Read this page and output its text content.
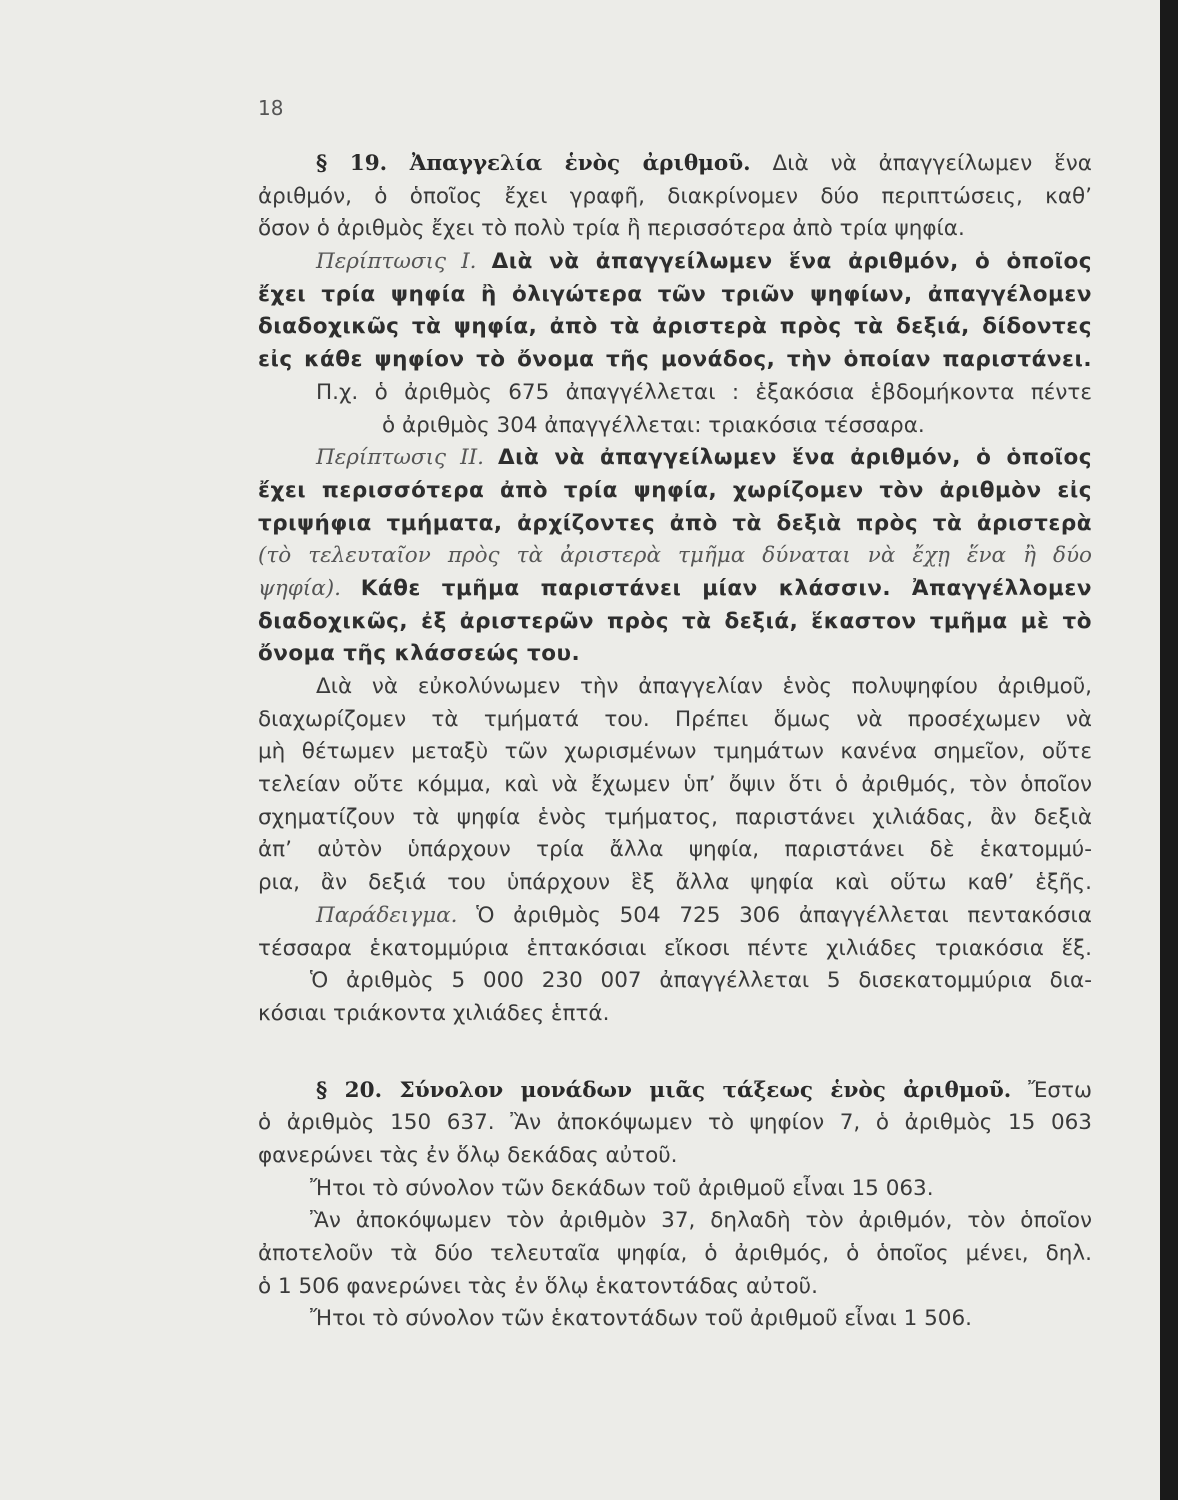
18
§ 19. Ἀπαγγελία ἑνὸς ἀριθμοῦ. Διὰ νὰ ἀπαγγείλωμεν ἕνα
ἀριθμόν, ὁ ὁποῖος ἔχει γραφῆ, διακρίνομεν δύο περιπτώσεις, καθ’
ὅσον ὁ ἀριθμὸς ἔχει τὸ πολὺ τρία ἢ περισσότερα ἀπὸ τρία ψηφία.
Περίπτωσις I. Διὰ νὰ ἀπαγγείλωμεν ἕνα ἀριθμόν, ὁ ὁποῖος
ἔχει τρία ψηφία ἢ ὀλιγώτερα τῶν τριῶν ψηφίων, ἀπαγγέλομεν
διαδοχικῶς τὰ ψηφία, ἀπὸ τὰ ἀριστερὰ πρὸς τὰ δεξιά, δίδοντες
εἰς κάθε ψηφίον τὸ ὄνομα τῆς μονάδος, τὴν ὁποίαν παριστάνει.
Π.χ. ὁ ἀριθμὸς 675 ἀπαγγέλλεται : ἑξακόσια ἑβδομήκοντα πέντε
ὁ ἀριθμὸς 304 ἀπαγγέλλεται: τριακόσια τέσσαρα.
Περίπτωσις II. Διὰ νὰ ἀπαγγείλωμεν ἕνα ἀριθμόν, ὁ ὁποῖος
ἔχει περισσότερα ἀπὸ τρία ψηφία, χωρίζομεν τὸν ἀριθμὸν εἰς
τριψήφια τμήματα, ἀρχίζοντες ἀπὸ τὰ δεξιὰ πρὸς τὰ ἀριστερὰ
(τὸ τελευταῖον πρὸς τὰ ἀριστερὰ τμῆμα δύναται νὰ ἔχῃ ἕνα ἢ δύο
ψηφία). Κάθε τμῆμα παριστάνει μίαν κλάσσιν. Ἀπαγγέλλομεν
διαδοχικῶς, ἐξ ἀριστερῶν πρὸς τὰ δεξιά, ἕκαστον τμῆμα μὲ τὸ
ὄνομα τῆς κλάσσεώς του.
Διὰ νὰ εὐκολύνωμεν τὴν ἀπαγγελίαν ἑνὸς πολυψηφίου ἀριθμοῦ,
διαχωρίζομεν τὰ τμήματά του. Πρέπει ὅμως νὰ προσέχωμεν νὰ
μὴ θέτωμεν μεταξὺ τῶν χωρισμένων τμημάτων κανένα σημεῖον, οὔτε
τελείαν οὔτε κόμμα, καὶ νὰ ἔχωμεν ὑπ’ ὄψιν ὅτι ὁ ἀριθμός, τὸν ὁποῖον
σχηματίζουν τὰ ψηφία ἑνὸς τμήματος, παριστάνει χιλιάδας, ἂν δεξιὰ
ἀπ’ αὐτὸν ὑπάρχουν τρία ἄλλα ψηφία, παριστάνει δὲ ἑκατομμύ-
ρια, ἂν δεξιά του ὑπάρχουν ἓξ ἄλλα ψηφία καὶ οὕτω καθ’ ἑξῆς.
Παράδειγμα. Ὁ ἀριθμὸς 504 725 306 ἀπαγγέλλεται πεντακόσια
τέσσαρα ἑκατομμύρια ἑπτακόσιαι εἴκοσι πέντε χιλιάδες τριακόσια ἕξ.
Ὁ ἀριθμὸς 5 000 230 007 ἀπαγγέλλεται 5 δισεκατομμύρια δια-
κόσιαι τριάκοντα χιλιάδες ἑπτά.
§ 20. Σύνολον μονάδων μιᾶς τάξεως ἑνὸς ἀριθμοῦ. Ἔστω
ὁ ἀριθμὸς 150 637. Ἂν ἀποκόψωμεν τὸ ψηφίον 7, ὁ ἀριθμὸς 15 063
φανερώνει τὰς ἐν ὅλῳ δεκάδας αὐτοῦ.
Ἤτοι τὸ σύνολον τῶν δεκάδων τοῦ ἀριθμοῦ εἶναι 15 063.
Ἂν ἀποκόψωμεν τὸν ἀριθμὸν 37, δηλαδὴ τὸν ἀριθμόν, τὸν ὁποῖον
ἀποτελοῦν τὰ δύο τελευταῖα ψηφία, ὁ ἀριθμός, ὁ ὁποῖος μένει, δηλ.
ὁ 1 506 φανερώνει τὰς ἐν ὅλῳ ἑκατοντάδας αὐτοῦ.
Ἤτοι τὸ σύνολον τῶν ἑκατοντάδων τοῦ ἀριθμοῦ εἶναι 1 506.
